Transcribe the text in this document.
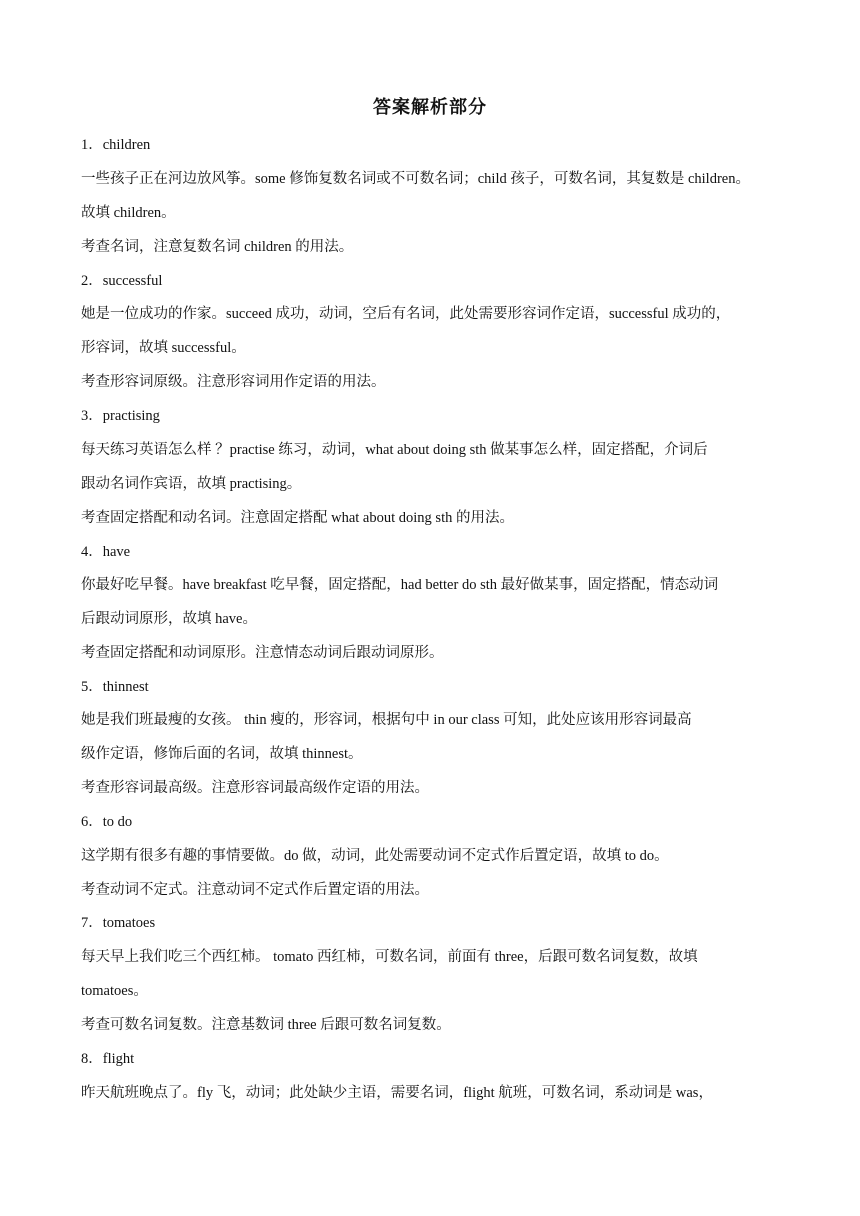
答案解析部分
1．children
一些孩子正在河边放风筝。some 修饰复数名词或不可数名词；child 孩子，可数名词，其复数是 children。
故填 children。
考查名词，注意复数名词 children 的用法。
2．successful
她是一位成功的作家。succeed 成功，动词，空后有名词，此处需要形容词作定语，successful 成功的，
形容词，故填 successful。
考查形容词原级。注意形容词用作定语的用法。
3．practising
每天练习英语怎么样 ？practise 练习，动词，what about doing sth 做某事怎么样，固定搭配，介词后
跟动名词作宾语，故填 practising。
考查固定搭配和动名词。注意固定搭配 what about doing sth 的用法。
4．have
你最好吃早餐。have breakfast 吃早餐，固定搭配，had better do sth 最好做某事，固定搭配，情态动词
后跟动词原形，故填 have。
考查固定搭配和动词原形。注意情态动词后跟动词原形。
5．thinnest
她是我们班最瘦的女孩。 thin 瘦的，形容词，根据句中 in our class 可知，此处应该用形容词最高
级作定语，修饰后面的名词，故填 thinnest。
考查形容词最高级。注意形容词最高级作定语的用法。
6．to do
这学期有很多有趣的事情要做。do 做，动词，此处需要动词不定式作后置定语，故填 to do。
考查动词不定式。注意动词不定式作后置定语的用法。
7．tomatoes
每天早上我们吃三个西红柿。 tomato 西红柿，可数名词，前面有 three，后跟可数名词复数，故填
tomatoes。
考查可数名词复数。注意基数词 three 后跟可数名词复数。
8．flight
昨天航班晚点了。fly 飞，动词；此处缺少主语，需要名词，flight 航班，可数名词，系动词是 was，
